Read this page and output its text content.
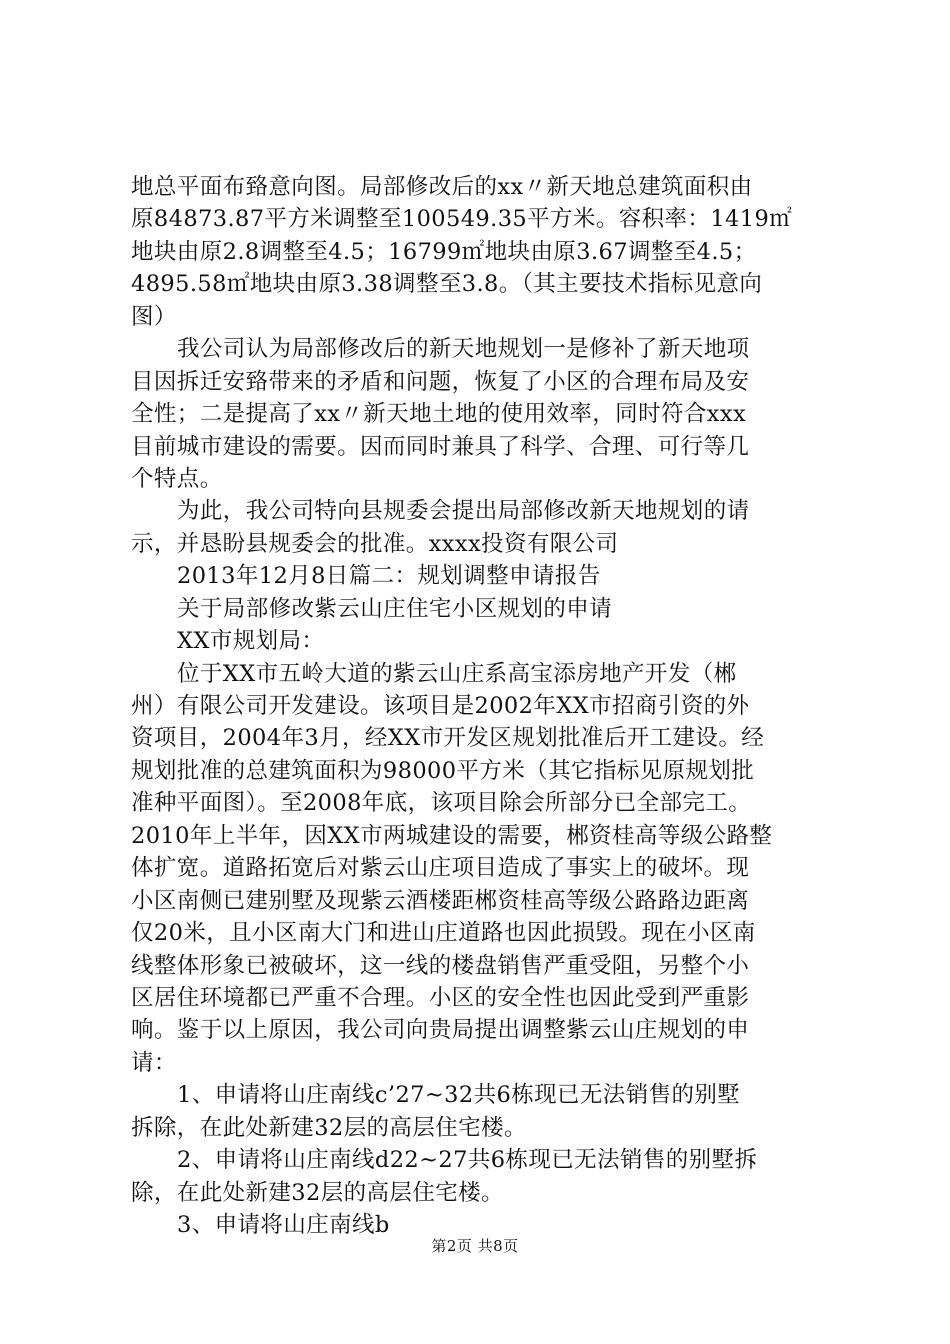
地总平面布臵意向图。局部修改后的xx〃新天地总建筑面积由
原84873.87平方米调整至100549.35平方米。容积率：1419㎡
地块由原2.8调整至4.5；16799㎡地块由原3.67调整至4.5；
4895.58㎡地块由原3.38调整至3.8。（其主要技术指标见意向
图）
我公司认为局部修改后的新天地规划一是修补了新天地项
目因拆迁安臵带来的矛盾和问题，恢复了小区的合理布局及安
全性；二是提高了xx〃新天地土地的使用效率，同时符合xxx
目前城市建设的需要。因而同时兼具了科学、合理、可行等几
个特点。
为此，我公司特向县规委会提出局部修改新天地规划的请
示，并恳盼县规委会的批准。xxxx投资有限公司
2013年12月8日篇二：规划调整申请报告
关于局部修改紫云山庄住宅小区规划的申请
XX市规划局：
位于XX市五岭大道的紫云山庄系高宝添房地产开发（郴
州）有限公司开发建设。该项目是2002年XX市招商引资的外
资项目，2004年3月，经XX市开发区规划批准后开工建设。经
规划批准的总建筑面积为98000平方米（其它指标见原规划批
准种平面图）。至2008年底，该项目除会所部分已全部完工。
2010年上半年，因XX市两城建设的需要，郴资桂高等级公路整
体扩宽。道路拓宽后对紫云山庄项目造成了事实上的破坏。现
小区南侧已建别墅及现紫云酒楼距郴资桂高等级公路路边距离
仅20米，且小区南大门和进山庄道路也因此损毁。现在小区南
线整体形象已被破坏，这一线的楼盘销售严重受阻，另整个小
区居住环境都已严重不合理。小区的安全性也因此受到严重影
响。鉴于以上原因，我公司向贵局提出调整紫云山庄规划的申
请：
1、申请将山庄南线c’27~32共6栋现已无法销售的别墅
拆除，在此处新建32层的高层住宅楼。
2、申请将山庄南线d22~27共6栋现已无法销售的别墅拆
除，在此处新建32层的高层住宅楼。
3、申请将山庄南线b
第2页 共8页
